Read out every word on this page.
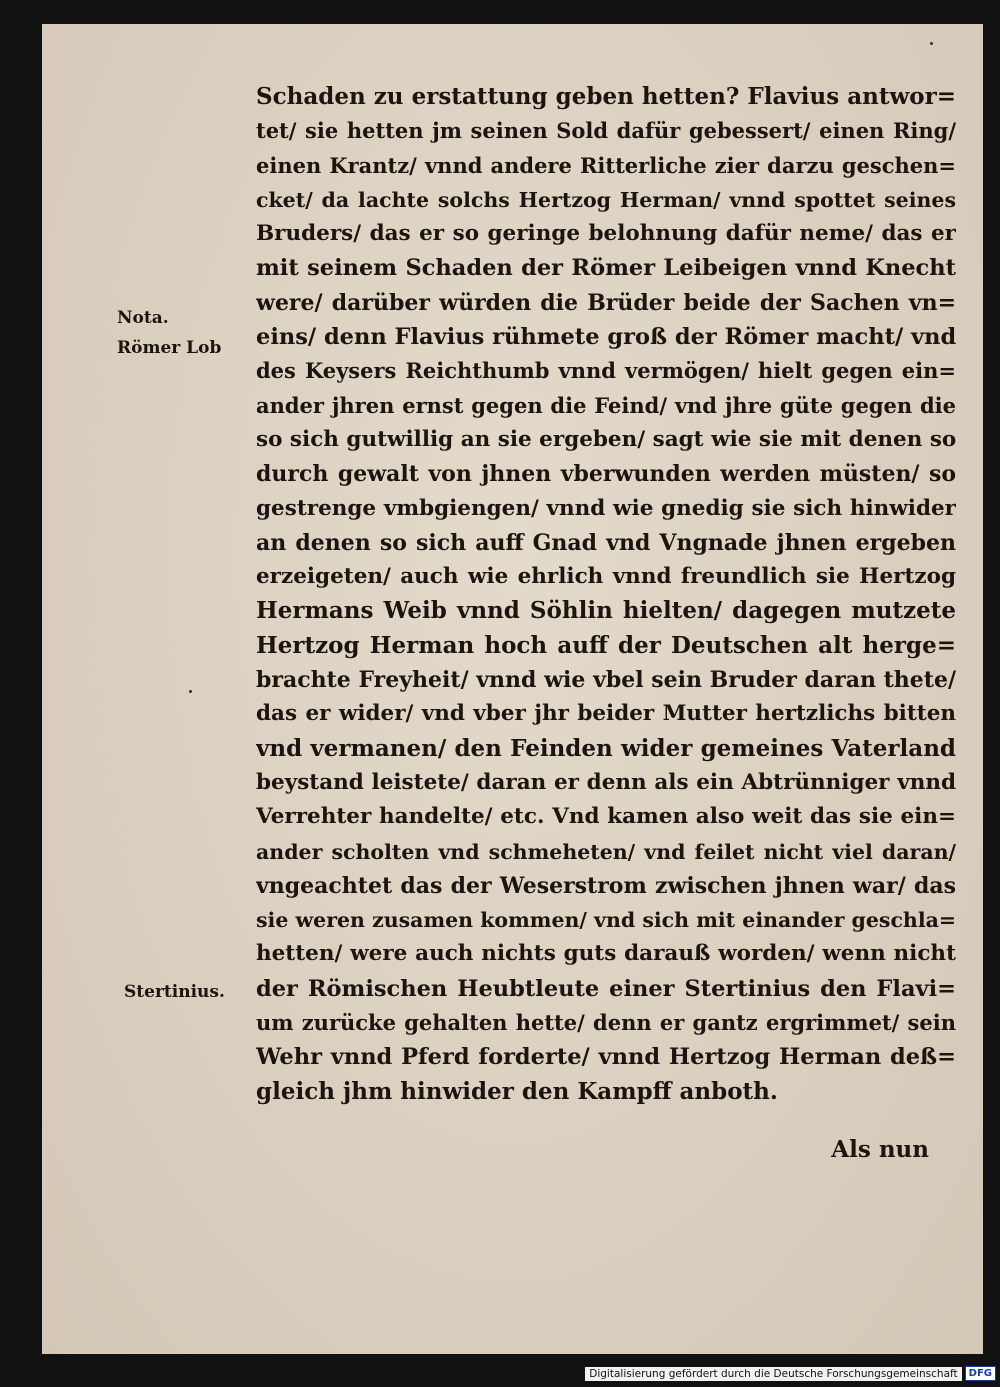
Nota.
Römer Lob
Stertinius.
Schaden zu erstattung geben hetten? Flavius antwor=
tet/ sie hetten jm seinen Sold dafür gebessert/ einen Ring/
einen Krantz/ vnnd andere Ritterliche zier darzu geschen=
cket/ da lachte solchs Hertzog Herman/ vnnd spottet seines
Bruders/ das er so geringe belohnung dafür neme/ das er
mit seinem Schaden der Römer Leibeigen vnnd Knecht
were/ darüber würden die Brüder beide der Sachen vn=
eins/ denn Flavius rühmete groß der Römer macht/ vnd
des Keysers Reichthumb vnnd vermögen/ hielt gegen ein=
ander jhren ernst gegen die Feind/ vnd jhre güte gegen die
so sich gutwillig an sie ergeben/ sagt wie sie mit denen so
durch gewalt von jhnen vberwunden werden müsten/ so
gestrenge vmbgiengen/ vnnd wie gnedig sie sich hinwider
an denen so sich auff Gnad vnd Vngnade jhnen ergeben
erzeigeten/ auch wie ehrlich vnnd freundlich sie Hertzog
Hermans Weib vnnd Söhlin hielten/ dagegen mutzete
Hertzog Herman hoch auff der Deutschen alt herge=
brachte Freyheit/ vnnd wie vbel sein Bruder daran thete/
das er wider/ vnd vber jhr beider Mutter hertzlichs bitten
vnd vermanen/ den Feinden wider gemeines Vaterland
beystand leistete/ daran er denn als ein Abtrünniger vnnd
Verrehter handelte/ etc. Vnd kamen also weit das sie ein=
ander scholten vnd schmeheten/ vnd feilet nicht viel daran/
vngeachtet das der Weserstrom zwischen jhnen war/ das
sie weren zusamen kommen/ vnd sich mit einander geschla=
hetten/ were auch nichts guts darauß worden/ wenn nicht
der Römischen Heubtleute einer Stertinius den Flavi=
um zurücke gehalten hette/ denn er gantz ergrimmet/ sein
Wehr vnnd Pferd forderte/ vnnd Hertzog Herman deß=
gleich jhm hinwider den Kampff anboth.
Als nun
Digitalisierung gefördert durch die Deutsche Forschungsgemeinschaft	DFG
